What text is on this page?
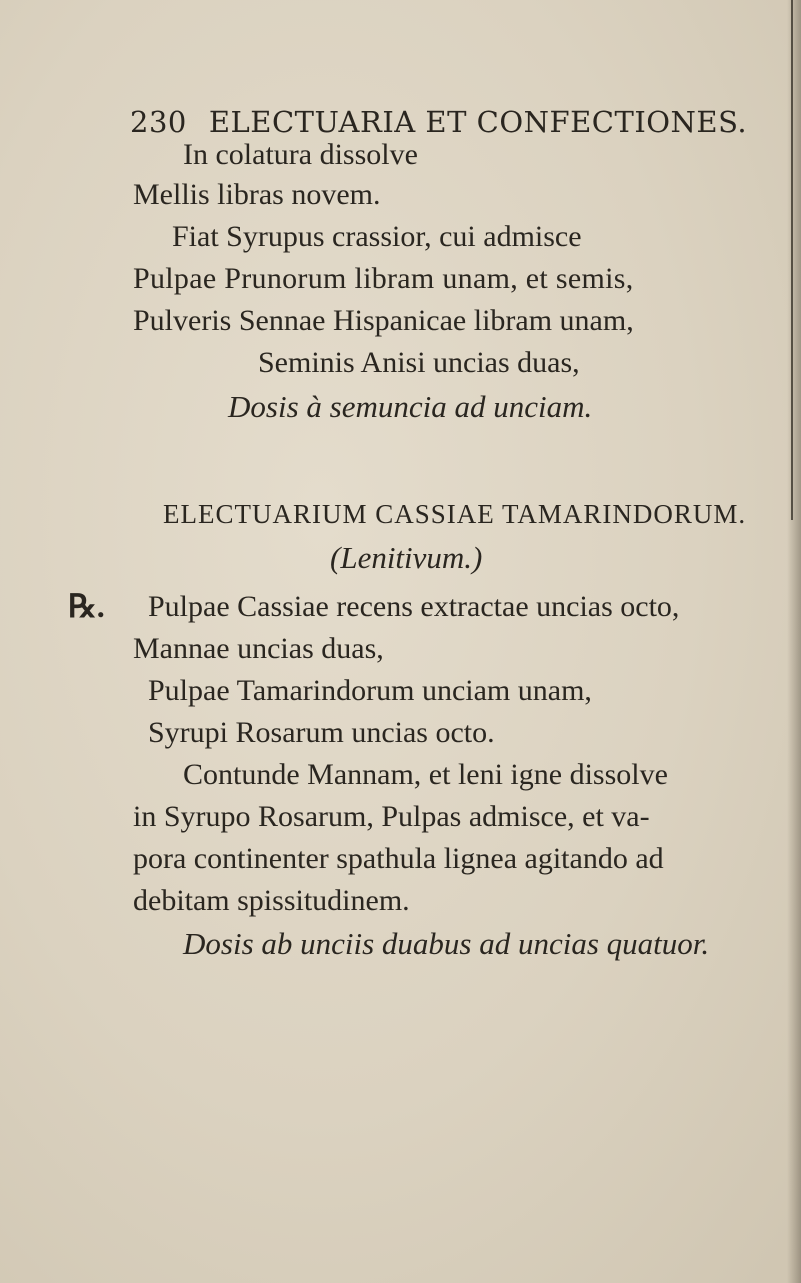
230 ELECTUARIA ET CONFECTIONES.
In colatura dissolve
Mellis libras novem.
Fiat Syrupus crassior, cui admisce
Pulpae Prunorum libram unam, et semis,
Pulveris Sennae Hispanicae libram unam,
Seminis Anisi uncias duas,
Dosis à semuncia ad unciam.
ELECTUARIUM CASSIAE TAMARINDORUM.
(Lenitivum.)
℞. Pulpae Cassiae recens extractae uncias octo,
Mannae uncias duas,
Pulpae Tamarindorum unciam unam,
Syrupi Rosarum uncias octo.
Contunde Mannam, et leni igne dissolve
in Syrupo Rosarum, Pulpas admisce, et va-
pora continenter spathula lignea agitando ad
debitam spissitudinem.
Dosis ab unciis duabus ad uncias quatuor.
